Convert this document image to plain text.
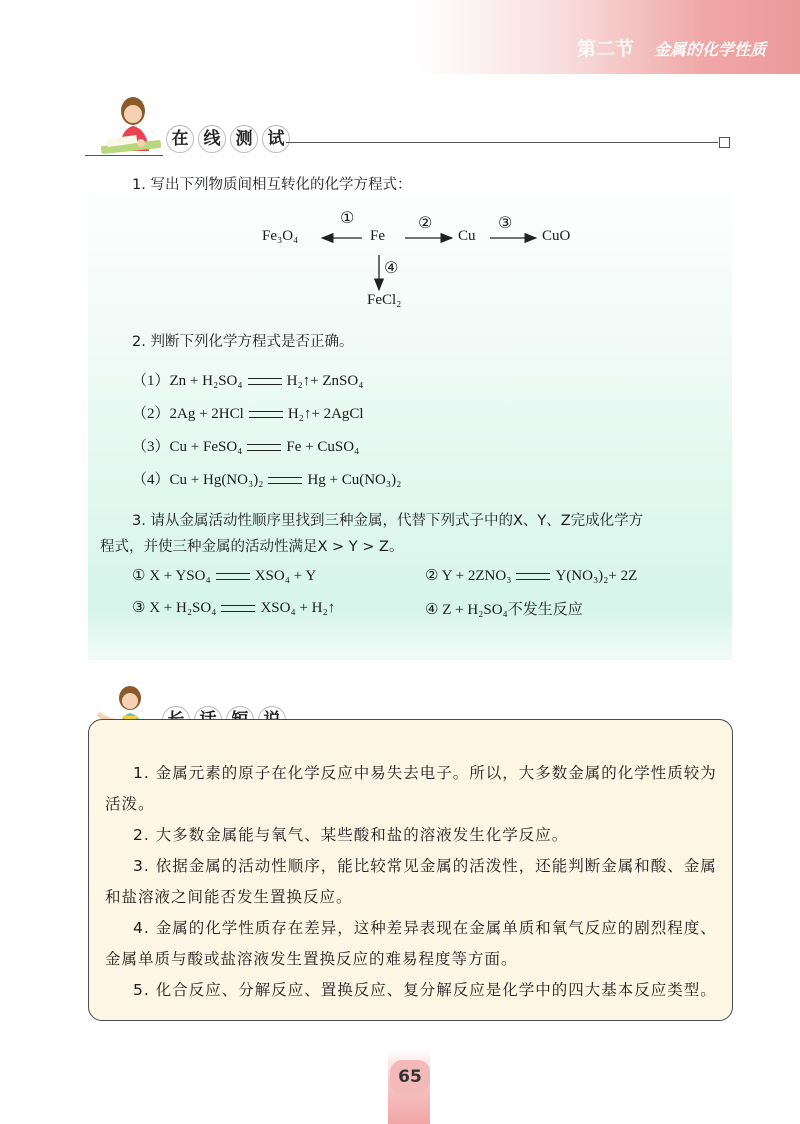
第二节 金属的化学性质
在 线 测 试
1. 写出下列物质间相互转化的化学方程式：
Fe₃O₄	Fe	Cu	CuO
FeCl₂
①	②	③
④
2. 判断下列化学方程式是否正确。
（1）Zn + H₂SO₄	H₂↑+ ZnSO₄
（2）2Ag + 2HCl	H₂↑+ 2AgCl
（3）Cu + FeSO₄	Fe + CuSO₄
（4）Cu + Hg(NO₃)₂	Hg + Cu(NO₃)₂
3. 请从金属活动性顺序里找到三种金属，代替下列式子中的X、Y、Z完成化学方
程式，并使三种金属的活动性满足X > Y > Z。
① X + YSO₄	XSO₄ + Y	② Y + 2ZNO₃	Y(NO₃)₂+ 2Z
③ X + H₂SO₄	XSO₄ + H₂↑	④ Z + H₂SO₄不发生反应
1. 金属元素的原子在化学反应中易失去电子。所以，大多数金属的化学性质较为活泼。
2. 大多数金属能与氧气、某些酸和盐的溶液发生化学反应。
3. 依据金属的活动性顺序，能比较常见金属的活泼性，还能判断金属和酸、金属和盐溶液之间能否发生置换反应。
4. 金属的化学性质存在差异，这种差异表现在金属单质和氧气反应的剧烈程度、金属单质与酸或盐溶液发生置换反应的难易程度等方面。
5. 化合反应、分解反应、置换反应、复分解反应是化学中的四大基本反应类型。
65
